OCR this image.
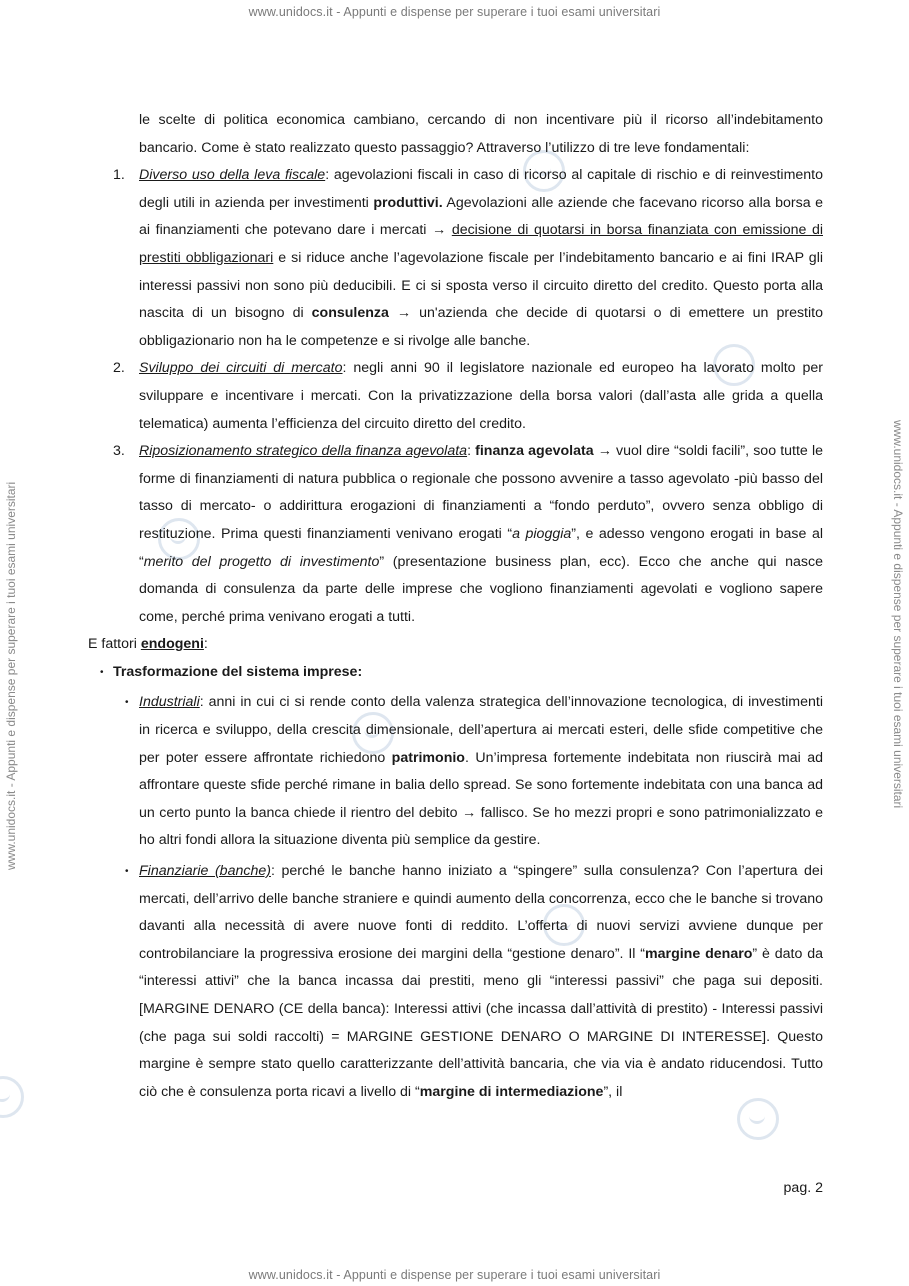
www.unidocs.it - Appunti e dispense per superare i tuoi esami universitari
www.unidocs.it - Appunti e dispense per superare i tuoi esami universitari
www.unidocs.it - Appunti e dispense per superare i tuoi esami universitari	www.unidocs.it - Appunti e dispense per superare i tuoi esami universitari

le scelte di politica economica cambiano, cercando di non incentivare più il ricorso all’indebitamento bancario. Come è stato realizzato questo passaggio? Attraverso l’utilizzo di tre leve fondamentali:

1. Diverso uso della leva fiscale: agevolazioni fiscali in caso di ricorso al capitale di rischio e di reinvestimento degli utili in azienda per investimenti produttivi. Agevolazioni alle aziende che facevano ricorso alla borsa e ai finanziamenti che potevano dare i mercati → decisione di quotarsi in borsa finanziata con emissione di prestiti obbligazionari e si riduce anche l’agevolazione fiscale per l’indebitamento bancario e ai fini IRAP gli interessi passivi non sono più deducibili. E ci si sposta verso il circuito diretto del credito. Questo porta alla nascita di un bisogno di consulenza → un'azienda che decide di quotarsi o di emettere un prestito obbligazionario non ha le competenze e si rivolge alle banche.
2. Sviluppo dei circuiti di mercato: negli anni 90 il legislatore nazionale ed europeo ha lavorato molto per sviluppare e incentivare i mercati. Con la privatizzazione della borsa valori (dall’asta alle grida a quella telematica) aumenta l’efficienza del circuito diretto del credito.
3. Riposizionamento strategico della finanza agevolata: finanza agevolata → vuol dire “soldi facili”, soo tutte le forme di finanziamenti di natura pubblica o regionale che possono avvenire a tasso agevolato -più basso del tasso di mercato- o addirittura erogazioni di finanziamenti a “fondo perduto”, ovvero senza obbligo di restituzione. Prima questi finanziamenti venivano erogati “a pioggia”, e adesso vengono erogati in base al “merito del progetto di investimento” (presentazione business plan, ecc). Ecco che anche qui nasce domanda di consulenza da parte delle imprese che vogliono finanziamenti agevolati e vogliono sapere come, perché prima venivano erogati a tutti.

E fattori endogeni:

• Trasformazione del sistema imprese:
• Industriali: anni in cui ci si rende conto della valenza strategica dell’innovazione tecnologica, di investimenti in ricerca e sviluppo, della crescita dimensionale, dell’apertura ai mercati esteri, delle sfide competitive che per poter essere affrontate richiedono patrimonio. Un’impresa fortemente indebitata non riuscirà mai ad affrontare queste sfide perché rimane in balia dello spread. Se sono fortemente indebitata con una banca ad un certo punto la banca chiede il rientro del debito → fallisco. Se ho mezzi propri e sono patrimonializzato e ho altri fondi allora la situazione diventa più semplice da gestire.
• Finanziarie (banche): perché le banche hanno iniziato a “spingere” sulla consulenza? Con l’apertura dei mercati, dell’arrivo delle banche straniere e quindi aumento della concorrenza, ecco che le banche si trovano davanti alla necessità di avere nuove fonti di reddito. L’offerta di nuovi servizi avviene dunque per controbilanciare la progressiva erosione dei margini della “gestione denaro”. Il “margine denaro” è dato da “interessi attivi” che la banca incassa dai prestiti, meno gli “interessi passivi” che paga sui depositi. [MARGINE DENARO (CE della banca): Interessi attivi (che incassa dall’attività di prestito) - Interessi passivi (che paga sui soldi raccolti) = MARGINE GESTIONE DENARO O MARGINE DI INTERESSE]. Questo margine è sempre stato quello caratterizzante dell’attività bancaria, che via via è andato riducendosi. Tutto ciò che è consulenza porta ricavi a livello di “margine di intermediazione”, il
pag. 2
